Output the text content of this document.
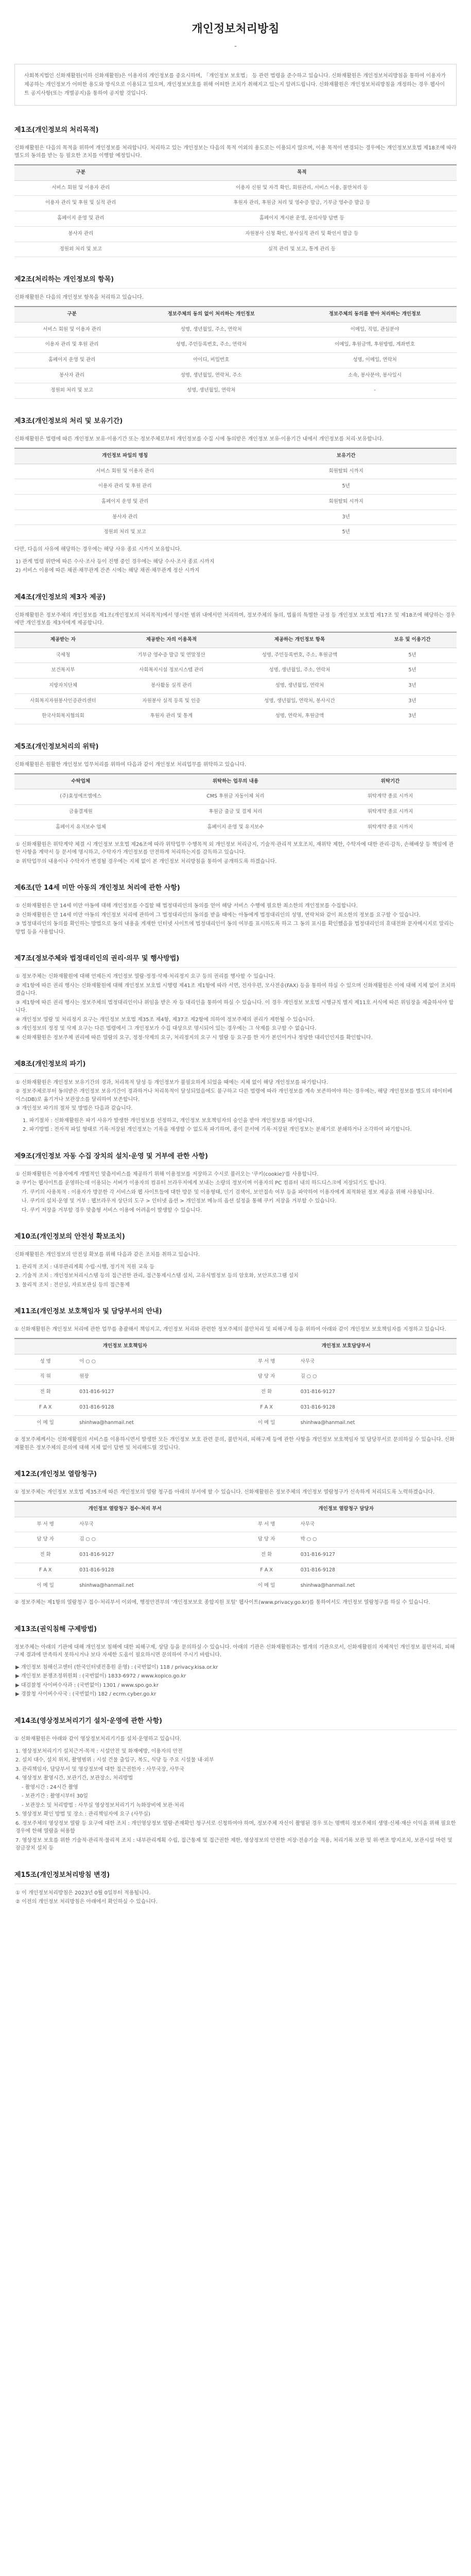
개인정보처리방침
-

사회복지법인 신화재활원(이하 신화재활원)은 이용자의 개인정보를 중요시하며, 「개인정보 보호법」 등 관련 법령을 준수하고 있습니다. 신화재활원은 개인정보처리방침을 통하여 이용자가 제공하는 개인정보가 어떠한 용도와 방식으로 이용되고 있으며, 개인정보보호를 위해 어떠한 조치가 취해지고 있는지 알려드립니다. 신화재활원은 개인정보처리방침을 개정하는 경우 웹사이트 공지사항(또는 개별공지)을 통하여 공지할 것입니다.

제1조(개인정보의 처리목적)

신화재활원은 다음의 목적을 위하여 개인정보를 처리합니다. 처리하고 있는 개인정보는 다음의 목적 이외의 용도로는 이용되지 않으며, 이용 목적이 변경되는 경우에는 개인정보보호법 제18조에 따라 별도의 동의를 받는 등 필요한 조치를 이행할 예정입니다.

구분	목적
서비스 회원 및 이용자 관리	이용자 신원 및 자격 확인, 회원관리, 서비스 이용, 불만처리 등
이용자 관리 및 후원 및 실적 관리	후원자 관리, 후원금 처리 및 영수증 발급, 기부금 영수증 발급 등
홈페이지 운영 및 관리	홈페이지 게시판 운영, 문의사항 답변 등
봉사자 관리	자원봉사 신청 확인, 봉사실적 관리 및 확인서 발급 등
정원외 처리 및 보고	실적 관리 및 보고, 통계 관리 등
제2조(처리하는 개인정보의 항목)

신화재활원은 다음의 개인정보 항목을 처리하고 있습니다.

구분	정보주체의 동의 없이 처리하는 개인정보	정보주체의 동의를 받아 처리하는 개인정보
서비스 회원 및 이용자 관리	성명, 생년월일, 주소, 연락처	이메일, 직업, 관심분야
이용자 관리 및 후원 관리	성명, 주민등록번호, 주소, 연락처	이메일, 후원금액, 후원방법, 계좌번호
홈페이지 운영 및 관리	아이디, 비밀번호	성명, 이메일, 연락처
봉사자 관리	성명, 생년월일, 연락처, 주소	소속, 봉사분야, 봉사일시
정원외 처리 및 보고	성명, 생년월일, 연락처	-
제3조(개인정보의 처리 및 보유기간)

신화재활원은 법령에 따른 개인정보 보유·이용기간 또는 정보주체로부터 개인정보를 수집 시에 동의받은 개인정보 보유·이용기간 내에서 개인정보를 처리·보유합니다.

개인정보 파일의 명칭	보유기간
서비스 회원 및 이용자 관리	회원탈퇴 시까지
이용자 관리 및 후원 관리	5년
홈페이지 운영 및 관리	회원탈퇴 시까지
봉사자 관리	3년
정원외 처리 및 보고	5년

다만, 다음의 사유에 해당하는 경우에는 해당 사유 종료 시까지 보유합니다.

1) 관계 법령 위반에 따른 수사·조사 등이 진행 중인 경우에는 해당 수사·조사 종료 시까지
2) 서비스 이용에 따른 채권·채무관계 잔존 시에는 해당 채권·채무관계 정산 시까지
제4조(개인정보의 제3자 제공)

신화재활원은 정보주체의 개인정보를 제1조(개인정보의 처리목적)에서 명시한 범위 내에서만 처리하며, 정보주체의 동의, 법률의 특별한 규정 등 개인정보 보호법 제17조 및 제18조에 해당하는 경우에만 개인정보를 제3자에게 제공합니다.

제공받는 자	제공받는 자의 이용목적	제공하는 개인정보 항목	보유 및 이용기간
국세청	기부금 영수증 발급 및 연말정산	성명, 주민등록번호, 주소, 후원금액	5년
보건복지부	사회복지시설 정보시스템 관리	성명, 생년월일, 주소, 연락처	5년
지방자치단체	봉사활동 실적 관리	성명, 생년월일, 연락처	3년
사회복지자원봉사인증관리센터	자원봉사 실적 등록 및 인증	성명, 생년월일, 연락처, 봉사시간	3년
한국사회복지협의회	후원자 관리 및 통계	성명, 연락처, 후원금액	3년
제5조(개인정보처리의 위탁)

신화재활원은 원활한 개인정보 업무처리를 위하여 다음과 같이 개인정보 처리업무를 위탁하고 있습니다.

수탁업체	위탁하는 업무의 내용	위탁기간
(주)효성에프엠에스	CMS 후원금 자동이체 처리	위탁계약 종료 시까지
금융결제원	후원금 출금 및 결제 처리	위탁계약 종료 시까지
홈페이지 유지보수 업체	홈페이지 운영 및 유지보수	위탁계약 종료 시까지
① 신화재활원은 위탁계약 체결 시 개인정보 보호법 제26조에 따라 위탁업무 수행목적 외 개인정보 처리금지, 기술적·관리적 보호조치, 재위탁 제한, 수탁자에 대한 관리·감독, 손해배상 등 책임에 관한 사항을 계약서 등 문서에 명시하고, 수탁자가 개인정보를 안전하게 처리하는지를 감독하고 있습니다.
② 위탁업무의 내용이나 수탁자가 변경될 경우에는 지체 없이 본 개인정보 처리방침을 통하여 공개하도록 하겠습니다.
제6조(만 14세 미만 아동의 개인정보 처리에 관한 사항)
① 신화재활원은 만 14세 미만 아동에 대해 개인정보를 수집할 때 법정대리인의 동의를 얻어 해당 서비스 수행에 필요한 최소한의 개인정보를 수집합니다.
② 신화재활원은 만 14세 미만 아동의 개인정보 처리에 관하여 그 법정대리인의 동의를 받을 때에는 아동에게 법정대리인의 성명, 연락처와 같이 최소한의 정보를 요구할 수 있습니다.
③ 법정대리인의 동의를 확인하는 방법으로 동의 내용을 게재한 인터넷 사이트에 법정대리인이 동의 여부를 표시하도록 하고 그 동의 표시를 확인했음을 법정대리인의 휴대전화 문자메시지로 알리는 방법 등을 사용합니다.
제7조(정보주체와 법정대리인의 권리·의무 및 행사방법)
① 정보주체는 신화재활원에 대해 언제든지 개인정보 열람·정정·삭제·처리정지 요구 등의 권리를 행사할 수 있습니다.
② 제1항에 따른 권리 행사는 신화재활원에 대해 개인정보 보호법 시행령 제41조 제1항에 따라 서면, 전자우편, 모사전송(FAX) 등을 통하여 하실 수 있으며 신화재활원은 이에 대해 지체 없이 조치하겠습니다.
③ 제1항에 따른 권리 행사는 정보주체의 법정대리인이나 위임을 받은 자 등 대리인을 통하여 하실 수 있습니다. 이 경우 개인정보 보호법 시행규칙 별지 제11호 서식에 따른 위임장을 제출하셔야 합니다.
④ 개인정보 열람 및 처리정지 요구는 개인정보 보호법 제35조 제4항, 제37조 제2항에 의하여 정보주체의 권리가 제한될 수 있습니다.
⑤ 개인정보의 정정 및 삭제 요구는 다른 법령에서 그 개인정보가 수집 대상으로 명시되어 있는 경우에는 그 삭제를 요구할 수 없습니다.
⑥ 신화재활원은 정보주체 권리에 따른 열람의 요구, 정정·삭제의 요구, 처리정지의 요구 시 열람 등 요구를 한 자가 본인이거나 정당한 대리인인지를 확인합니다.
제8조(개인정보의 파기)
① 신화재활원은 개인정보 보유기간의 경과, 처리목적 달성 등 개인정보가 불필요하게 되었을 때에는 지체 없이 해당 개인정보를 파기합니다.
② 정보주체로부터 동의받은 개인정보 보유기간이 경과하거나 처리목적이 달성되었음에도 불구하고 다른 법령에 따라 개인정보를 계속 보존하여야 하는 경우에는, 해당 개인정보를 별도의 데이터베이스(DB)로 옮기거나 보관장소를 달리하여 보존합니다.
③ 개인정보 파기의 절차 및 방법은 다음과 같습니다.
1. 파기절차 : 신화재활원은 파기 사유가 발생한 개인정보를 선정하고, 개인정보 보호책임자의 승인을 받아 개인정보를 파기합니다.
2. 파기방법 : 전자적 파일 형태로 기록·저장된 개인정보는 기록을 재생할 수 없도록 파기하며, 종이 문서에 기록·저장된 개인정보는 분쇄기로 분쇄하거나 소각하여 파기합니다.
제9조(개인정보 자동 수집 장치의 설치·운영 및 거부에 관한 사항)
① 신화재활원은 이용자에게 개별적인 맞춤서비스를 제공하기 위해 이용정보를 저장하고 수시로 불러오는 '쿠키(cookie)'를 사용합니다.
② 쿠키는 웹사이트를 운영하는데 이용되는 서버가 이용자의 컴퓨터 브라우저에게 보내는 소량의 정보이며 이용자의 PC 컴퓨터 내의 하드디스크에 저장되기도 합니다.
가. 쿠키의 사용목적 : 이용자가 방문한 각 서비스와 웹 사이트들에 대한 방문 및 이용형태, 인기 검색어, 보안접속 여부 등을 파악하여 이용자에게 최적화된 정보 제공을 위해 사용됩니다.
나. 쿠키의 설치·운영 및 거부 : 웹브라우저 상단의 도구 > 인터넷 옵션 > 개인정보 메뉴의 옵션 설정을 통해 쿠키 저장을 거부할 수 있습니다.
다. 쿠키 저장을 거부할 경우 맞춤형 서비스 이용에 어려움이 발생할 수 있습니다.
제10조(개인정보의 안전성 확보조치)

신화재활원은 개인정보의 안전성 확보를 위해 다음과 같은 조치를 취하고 있습니다.

1. 관리적 조치 : 내부관리계획 수립·시행, 정기적 직원 교육 등
2. 기술적 조치 : 개인정보처리시스템 등의 접근권한 관리, 접근통제시스템 설치, 고유식별정보 등의 암호화, 보안프로그램 설치
3. 물리적 조치 : 전산실, 자료보관실 등의 접근통제
제11조(개인정보 보호책임자 및 담당부서의 안내)

① 신화재활원은 개인정보 처리에 관한 업무를 총괄해서 책임지고, 개인정보 처리와 관련한 정보주체의 불만처리 및 피해구제 등을 위하여 아래와 같이 개인정보 보호책임자를 지정하고 있습니다.

개인정보 보호책임자		개인정보 보호담당부서	
성 명	이 ○ ○	부 서 명	사무국
직 위	원장	담 당 자	김 ○ ○
전 화	031-816-9127	전 화	031-816-9127
F A X	031-816-9128	F A X	031-816-9128
이 메 일	shinhwa@hanmail.net	이 메 일	shinhwa@hanmail.net

② 정보주체께서는 신화재활원의 서비스를 이용하시면서 발생한 모든 개인정보 보호 관련 문의, 불만처리, 피해구제 등에 관한 사항을 개인정보 보호책임자 및 담당부서로 문의하실 수 있습니다. 신화재활원은 정보주체의 문의에 대해 지체 없이 답변 및 처리해드릴 것입니다.

제12조(개인정보 열람청구)

① 정보주체는 개인정보 보호법 제35조에 따른 개인정보의 열람 청구를 아래의 부서에 할 수 있습니다. 신화재활원은 정보주체의 개인정보 열람청구가 신속하게 처리되도록 노력하겠습니다.

개인정보 열람청구 접수·처리 부서		개인정보 열람청구 담당자	
부 서 명	사무국	부 서 명	사무국
담 당 자	김 ○ ○	담 당 자	박 ○ ○
전 화	031-816-9127	전 화	031-816-9127
F A X	031-816-9128	F A X	031-816-9128
이 메 일	shinhwa@hanmail.net	이 메 일	shinhwa@hanmail.net

② 정보주체는 제1항의 열람청구 접수·처리부서 이외에, 행정안전부의 '개인정보보호 종합지원 포털' 웹사이트(www.privacy.go.kr)를 통하여서도 개인정보 열람청구를 하실 수 있습니다.

제13조(권익침해 구제방법)

정보주체는 아래의 기관에 대해 개인정보 침해에 대한 피해구제, 상담 등을 문의하실 수 있습니다. 아래의 기관은 신화재활원과는 별개의 기관으로서, 신화재활원의 자체적인 개인정보 불만처리, 피해구제 결과에 만족하지 못하시거나 보다 자세한 도움이 필요하시면 문의하여 주시기 바랍니다.

▶ 개인정보 침해신고센터 (한국인터넷진흥원 운영) : (국번없이) 118 / privacy.kisa.or.kr
▶ 개인정보 분쟁조정위원회 : (국번없이) 1833-6972 / www.kopico.go.kr
▶ 대검찰청 사이버수사과 : (국번없이) 1301 / www.spo.go.kr
▶ 경찰청 사이버수사국 : (국번없이) 182 / ecrm.cyber.go.kr
제14조(영상정보처리기기 설치·운영에 관한 사항)

① 신화재활원은 아래와 같이 영상정보처리기기를 설치·운영하고 있습니다.

1. 영상정보처리기기 설치근거·목적 : 시설안전 및 화재예방, 이용자의 안전
2. 설치 대수, 설치 위치, 촬영범위 : 시설 건물 출입구, 복도, 식당 등 주요 시설물 내·외부
3. 관리책임자, 담당부서 및 영상정보에 대한 접근권한자 : 사무국장, 사무국
4. 영상정보 촬영시간, 보관기간, 보관장소, 처리방법
- 촬영시간 : 24시간 촬영
- 보관기간 : 촬영시부터 30일
- 보관장소 및 처리방법 : 사무실 영상정보처리기기 녹화장비에 보관·처리
5. 영상정보 확인 방법 및 장소 : 관리책임자에 요구 (사무실)
6. 정보주체의 영상정보 열람 등 요구에 대한 조치 : 개인영상정보 열람·존재확인 청구서로 신청하여야 하며, 정보주체 자신이 촬영된 경우 또는 명백히 정보주체의 생명·신체·재산 이익을 위해 필요한 경우에 한해 열람을 허용함
7. 영상정보 보호를 위한 기술적·관리적·물리적 조치 : 내부관리계획 수립, 접근통제 및 접근권한 제한, 영상정보의 안전한 저장·전송기술 적용, 처리기록 보관 및 위·변조 방지조치, 보관시설 마련 및 잠금장치 설치 등
제15조(개인정보처리방침 변경)
① 이 개인정보처리방침은 2023년 0월 0일부터 적용됩니다.
② 이전의 개인정보 처리방침은 아래에서 확인하실 수 있습니다.
